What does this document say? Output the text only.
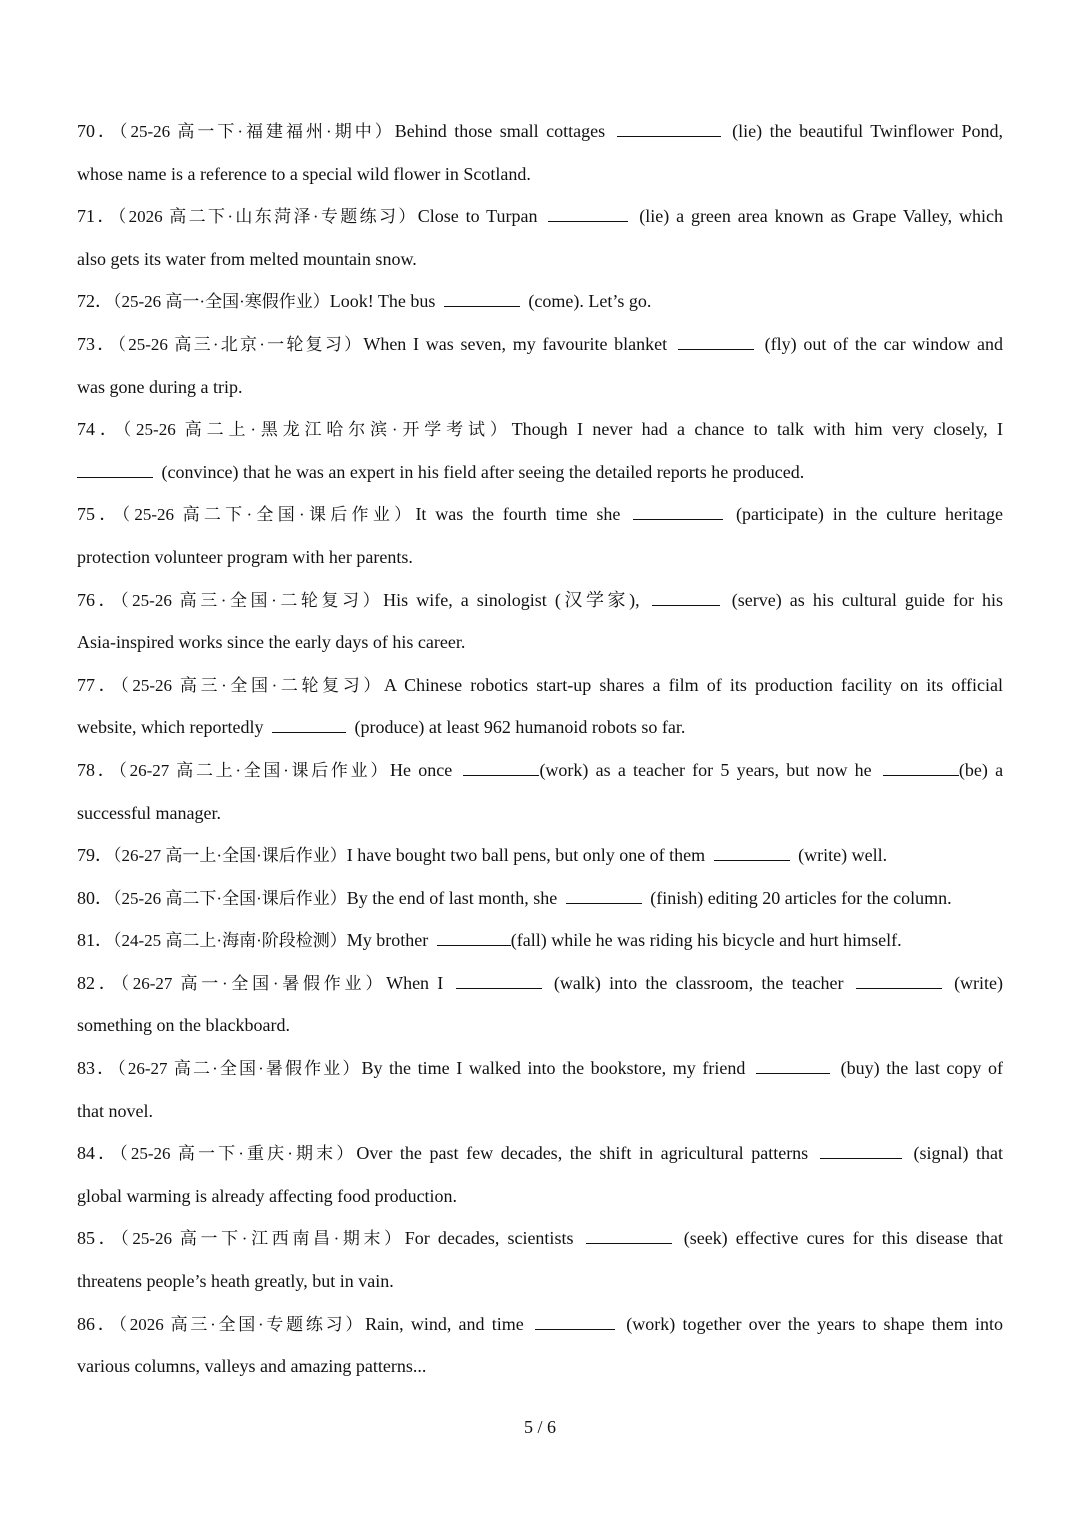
70．（25-26 高一下·福建福州·期中）Behind those small cottages	(lie) the beautiful Twinflower Pond,
whose name is a reference to a special wild flower in Scotland.
71．（2026 高二下·山东菏泽·专题练习）Close to Turpan	(lie) a green area known as Grape Valley, which
also gets its water from melted mountain snow.
72．（25-26 高一·全国·寒假作业）Look! The bus	(come). Let’s go.
73．（25-26 高三·北京·一轮复习）When I was seven, my favourite blanket	(fly) out of the car window and
was gone during a trip.
74．（25-26 高二上·黑龙江哈尔滨·开学考试）Though I never had a chance to talk with him very closely, I
(convince) that he was an expert in his field after seeing the detailed reports he produced.
75．（25-26 高二下·全国·课后作业）It was the fourth time she	(participate) in the culture heritage
protection volunteer program with her parents.
76．（25-26 高三·全国·二轮复习）His wife, a sinologist (汉学家),	(serve) as his cultural guide for his
Asia-inspired works since the early days of his career.
77．（25-26 高三·全国·二轮复习）A Chinese robotics start-up shares a film of its production facility on its official
website, which reportedly	(produce) at least 962 humanoid robots so far.
78．（26-27 高二上·全国·课后作业）He once	(work) as a teacher for 5 years, but now he	(be) a
successful manager.
79．（26-27 高一上·全国·课后作业）I have bought two ball pens, but only one of them	(write) well.
80．（25-26 高二下·全国·课后作业）By the end of last month, she	(finish) editing 20 articles for the column.
81．（24-25 高二上·海南·阶段检测）My brother	(fall) while he was riding his bicycle and hurt himself.
82．（26-27 高一·全国·暑假作业）When I	(walk) into the classroom, the teacher	(write)
something on the blackboard.
83．（26-27 高二·全国·暑假作业）By the time I walked into the bookstore, my friend	(buy) the last copy of
that novel.
84．（25-26 高一下·重庆·期末）Over the past few decades, the shift in agricultural patterns	(signal) that
global warming is already affecting food production.
85．（25-26 高一下·江西南昌·期末）For decades, scientists	(seek) effective cures for this disease that
threatens people’s heath greatly, but in vain.
86．（2026 高三·全国·专题练习）Rain, wind, and time	(work) together over the years to shape them into
various columns, valleys and amazing patterns...
5 / 6
